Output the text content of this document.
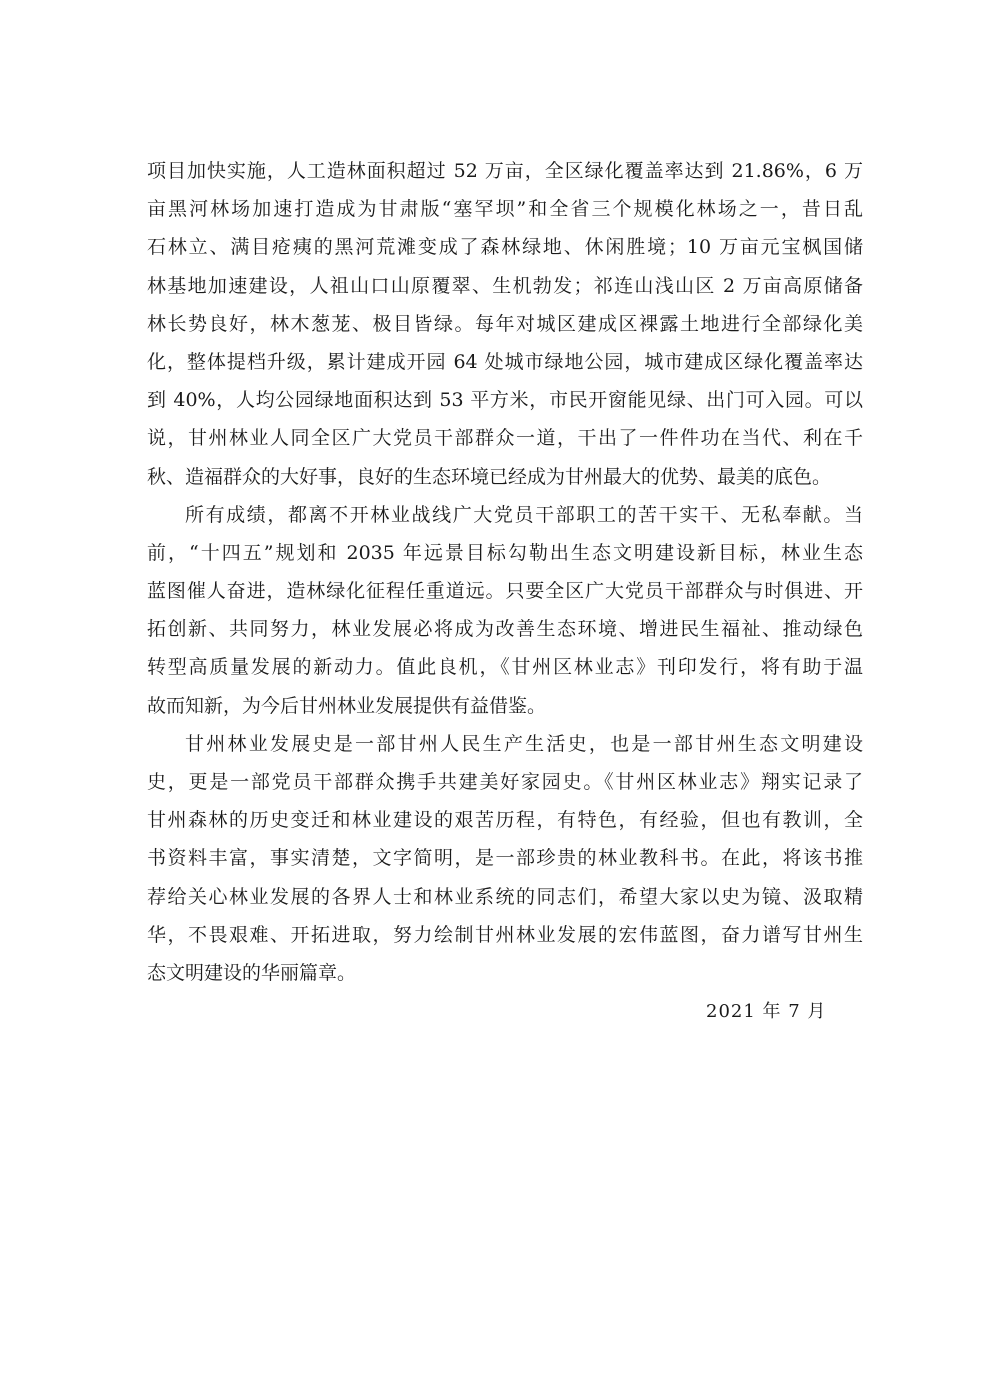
项目加快实施，人工造林面积超过 52 万亩，全区绿化覆盖率达到 21.86%，6 万
亩黑河林场加速打造成为甘肃版“塞罕坝”和全省三个规模化林场之一，昔日乱
石林立、满目疮痍的黑河荒滩变成了森林绿地、休闲胜境；10 万亩元宝枫国储
林基地加速建设，人祖山口山原覆翠、生机勃发；祁连山浅山区 2 万亩高原储备
林长势良好，林木葱茏、极目皆绿。每年对城区建成区裸露土地进行全部绿化美
化，整体提档升级，累计建成开园 64 处城市绿地公园，城市建成区绿化覆盖率达
到 40%，人均公园绿地面积达到 53 平方米，市民开窗能见绿、出门可入园。可以
说，甘州林业人同全区广大党员干部群众一道，干出了一件件功在当代、利在千
秋、造福群众的大好事，良好的生态环境已经成为甘州最大的优势、最美的底色。
所有成绩，都离不开林业战线广大党员干部职工的苦干实干、无私奉献。当
前，“十四五”规划和 2035 年远景目标勾勒出生态文明建设新目标，林业生态
蓝图催人奋进，造林绿化征程任重道远。只要全区广大党员干部群众与时俱进、开
拓创新、共同努力，林业发展必将成为改善生态环境、增进民生福祉、推动绿色
转型高质量发展的新动力。值此良机，《甘州区林业志》刊印发行，将有助于温
故而知新，为今后甘州林业发展提供有益借鉴。
甘州林业发展史是一部甘州人民生产生活史，也是一部甘州生态文明建设
史，更是一部党员干部群众携手共建美好家园史。《甘州区林业志》翔实记录了
甘州森林的历史变迁和林业建设的艰苦历程，有特色，有经验，但也有教训，全
书资料丰富，事实清楚，文字简明，是一部珍贵的林业教科书。在此，将该书推
荐给关心林业发展的各界人士和林业系统的同志们，希望大家以史为镜、汲取精
华，不畏艰难、开拓进取，努力绘制甘州林业发展的宏伟蓝图，奋力谱写甘州生
态文明建设的华丽篇章。
2021 年 7 月
